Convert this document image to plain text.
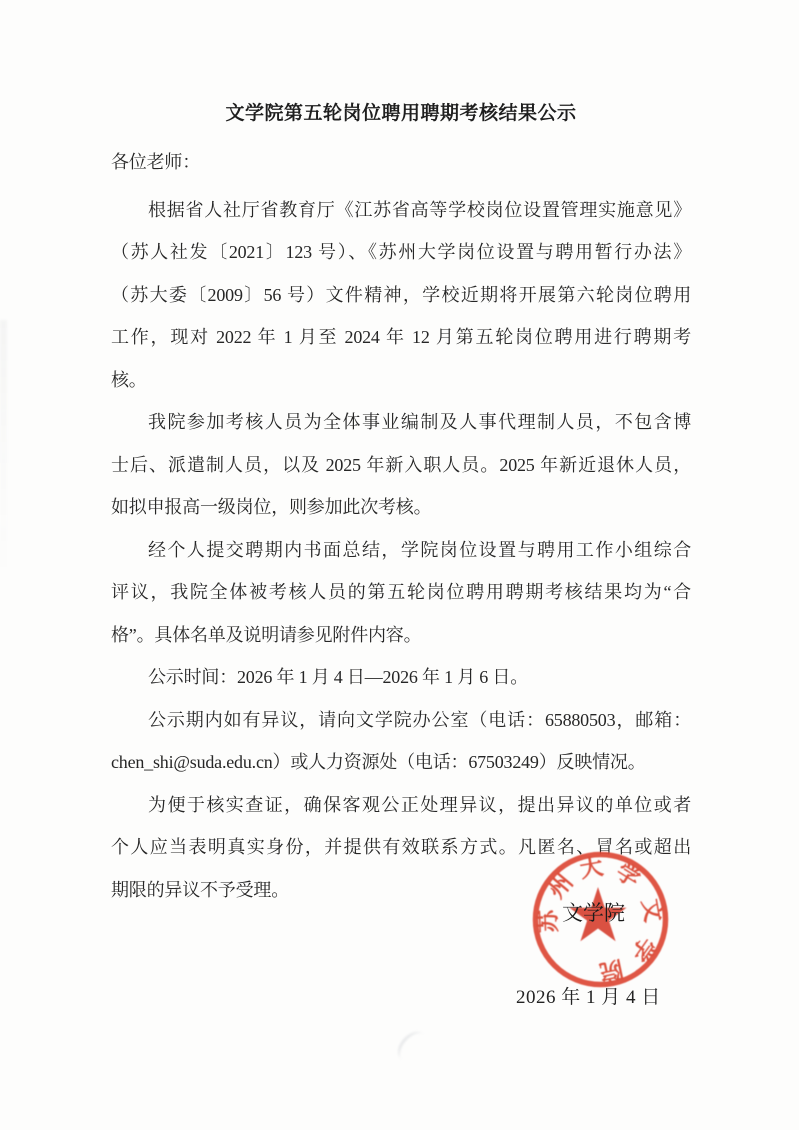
文学院第五轮岗位聘用聘期考核结果公示
各位老师：
根据省人社厅省教育厅《江苏省高等学校岗位设置管理实施意见》
（苏人社发〔2021〕123 号）、《苏州大学岗位设置与聘用暂行办法》
（苏大委〔2009〕56 号）文件精神，学校近期将开展第六轮岗位聘用
工作，现对 2022 年 1 月至 2024 年 12 月第五轮岗位聘用进行聘期考
核。
我院参加考核人员为全体事业编制及人事代理制人员，不包含博
士后、派遣制人员，以及 2025 年新入职人员。2025 年新近退休人员，
如拟申报高一级岗位，则参加此次考核。
经个人提交聘期内书面总结，学院岗位设置与聘用工作小组综合
评议，我院全体被考核人员的第五轮岗位聘用聘期考核结果均为“合
格”。具体名单及说明请参见附件内容。
公示时间：2026 年 1 月 4 日—2026 年 1 月 6 日。
公示期内如有异议，请向文学院办公室（电话：65880503，邮箱：
chen_shi@suda.edu.cn）或人力资源处（电话：67503249）反映情况。
为便于核实查证，确保客观公正处理异议，提出异议的单位或者
个人应当表明真实身份，并提供有效联系方式。凡匿名、冒名或超出
期限的异议不予受理。
苏
州
大 学
文
学
院
文学院
2026 年 1 月 4 日
